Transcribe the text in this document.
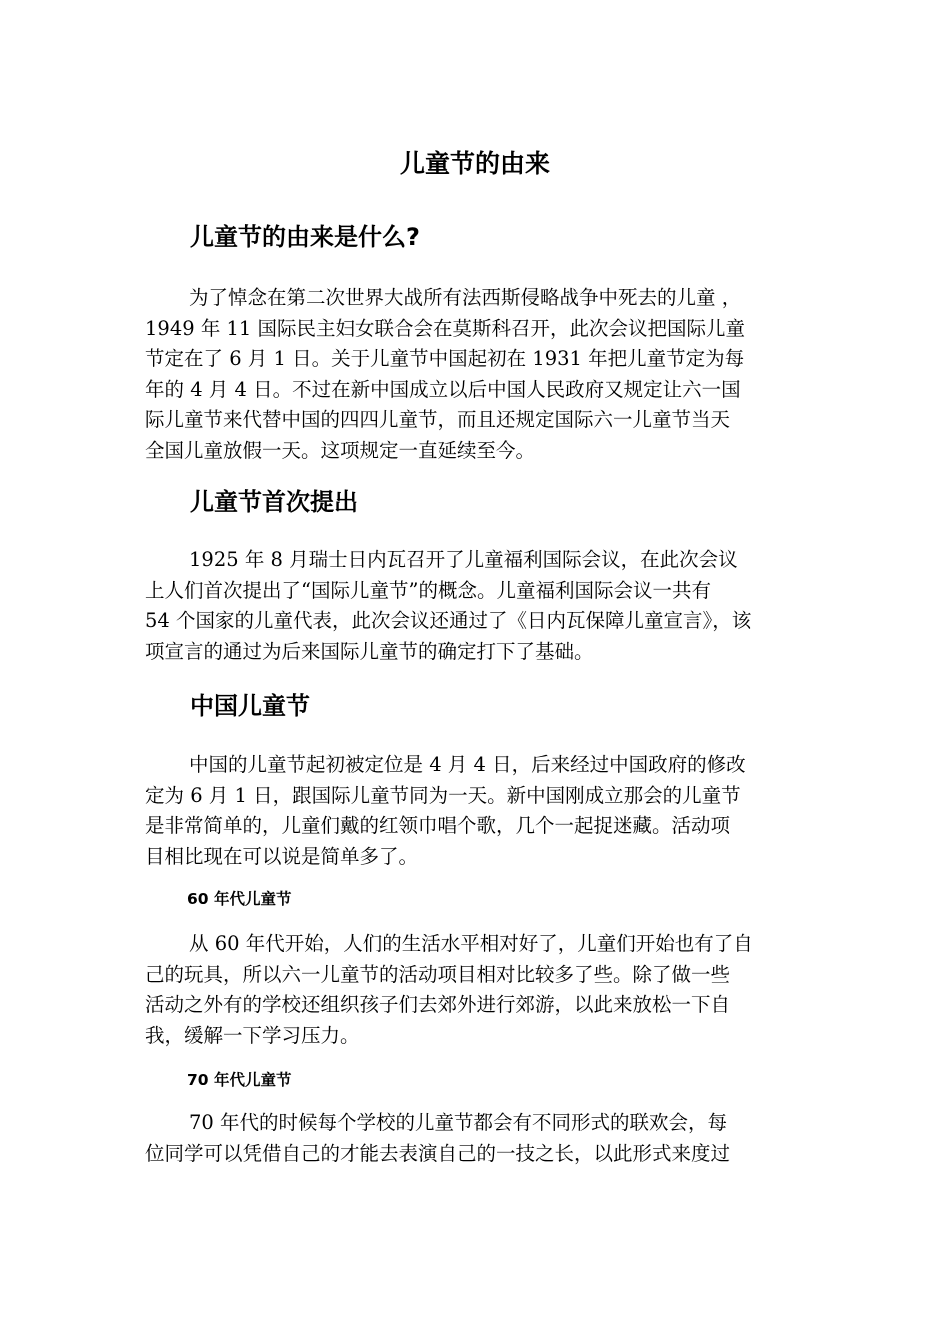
儿童节的由来
儿童节的由来是什么?

为了悼念在第二次世界大战所有法西斯侵略战争中死去的儿童 ，
1949 年 11 国际民主妇女联合会在莫斯科召开，此次会议把国际儿童
节定在了 6 月 1 日。关于儿童节中国起初在 1931 年把儿童节定为每
年的 4 月 4 日。不过在新中国成立以后中国人民政府又规定让六一国
际儿童节来代替中国的四四儿童节，而且还规定国际六一儿童节当天
全国儿童放假一天。这项规定一直延续至今。

儿童节首次提出

1925 年 8 月瑞士日内瓦召开了儿童福利国际会议，在此次会议
上人们首次提出了“国际儿童节”的概念。儿童福利国际会议一共有
54 个国家的儿童代表，此次会议还通过了《日内瓦保障儿童宣言》，该
项宣言的通过为后来国际儿童节的确定打下了基础。

中国儿童节

中国的儿童节起初被定位是 4 月 4 日，后来经过中国政府的修改
定为 6 月 1 日，跟国际儿童节同为一天。新中国刚成立那会的儿童节
是非常简单的，儿童们戴的红领巾唱个歌，几个一起捉迷藏。活动项
目相比现在可以说是简单多了。

60 年代儿童节

从 60 年代开始，人们的生活水平相对好了，儿童们开始也有了自
己的玩具，所以六一儿童节的活动项目相对比较多了些。除了做一些
活动之外有的学校还组织孩子们去郊外进行郊游，以此来放松一下自
我，缓解一下学习压力。

70 年代儿童节

70 年代的时候每个学校的儿童节都会有不同形式的联欢会，每
位同学可以凭借自己的才能去表演自己的一技之长，以此形式来度过
